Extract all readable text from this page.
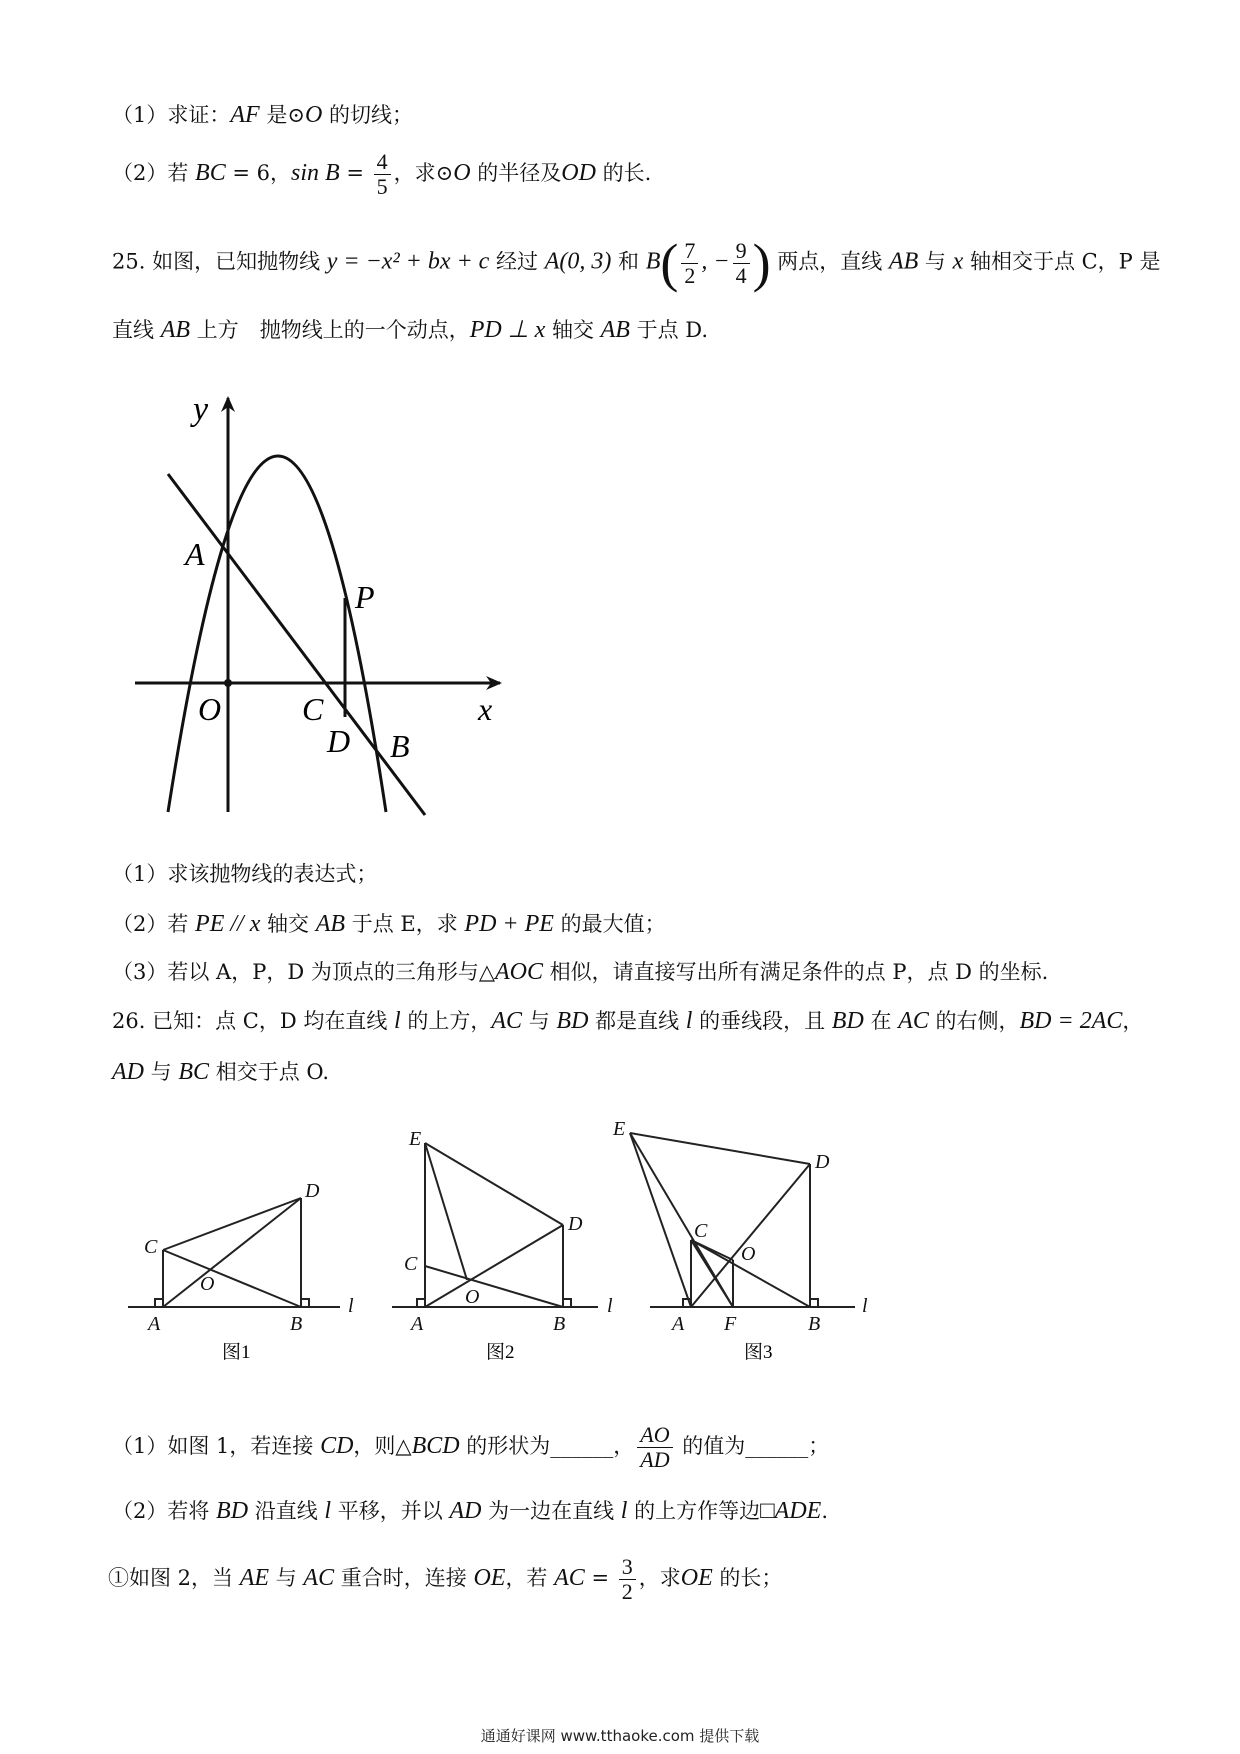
（1）求证：AF 是⊙O 的切线；
（2）若 BC = 6，$\sin B = \frac{4}{5}$ ，求⊙O 的半径及OD 的长.
25. 如图，已知抛物线 y = −x² + bx + c 经过 A(0, 3) 和 $B( \frac{7}{2}$ , − $\frac{9}{4}$ ) 两点，直线 AB 与 x 轴相交于点 C，P 是
直线 AB 上方　抛物线上的一个动点，PD ⊥ x 轴交 AB 于点 D.
y
x
A
P
O	C
D B
（1）求该抛物线的表达式；
（2）若 PE // x 轴交 AB 于点 E，求 PD + PE 的最大值；
（3）若以 A，P，D 为顶点的三角形与△AOC 相似，请直接写出所有满足条件的点 P，点 D 的坐标.
26. 已知：点 C，D 均在直线 l 的上方，AC 与 BD 都是直线 l 的垂线段，且 BD 在 AC 的右侧，BD = 2AC，
AD 与 BC 相交于点 O.
C
D
O
A	B
l
图1
E
C
D
O
A	B
l
图2
E
D
C
O
A F	B
l
图3
（1）如图 1，若连接 CD，则△BCD 的形状为______， $\frac{AO}{AD}$ 的值为______；
（2）若将 BD 沿直线 l 平移，并以 AD 为一边在直线 l 的上方作等边□ADE.
①如图 2，当 AE 与 AC 重合时，连接 OE，若 AC = $\frac{3}{2}$ ，求OE 的长；
通通好课网 www.tthaoke.com 提供下载
